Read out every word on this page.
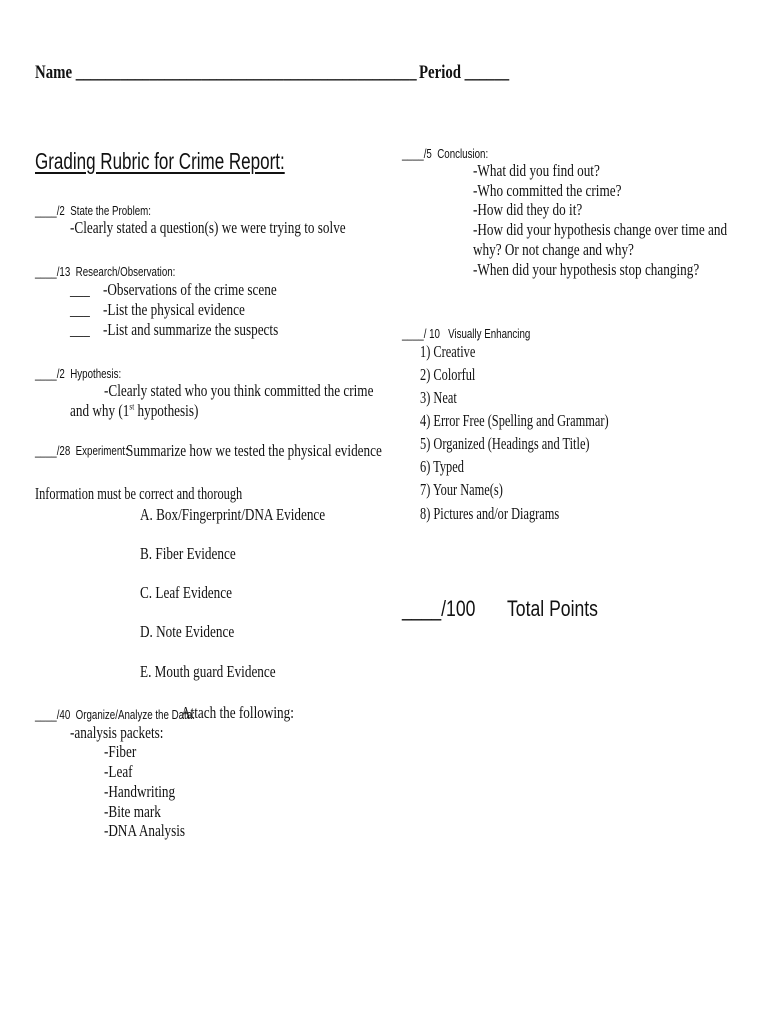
Name ______________________________________________ Period ______
Grading Rubric for Crime Report:
____/2 State the Problem:
-Clearly stated a question(s) we were trying to solve
____/13 Research/Observation:
___ -Observations of the crime scene
___ -List the physical evidence
___ -List and summarize the suspects
____/2 Hypothesis:
-Clearly stated who you think committed the crime
and why (1st hypothesis)
____/28 Experiment:
Summarize how we tested the physical evidence
Information must be correct and thorough
A. Box/Fingerprint/DNA Evidence
B. Fiber Evidence
C. Leaf Evidence
D. Note Evidence
E. Mouth guard Evidence
____/40 Organize/Analyze the Data:
Attach the following:
-analysis packets:
-Fiber
-Leaf
-Handwriting
-Bite mark
-DNA Analysis
____/5 Conclusion:
-What did you find out?
-Who committed the crime?
-How did they do it?
-How did your hypothesis change over time and
why? Or not change and why?
-When did your hypothesis stop changing?
____/ 10 Visually Enhancing
1) Creative
2) Colorful
3) Neat
4) Error Free (Spelling and Grammar)
5) Organized (Headings and Title)
6) Typed
7) Your Name(s)
8) Pictures and/or Diagrams
____/100	Total Points
